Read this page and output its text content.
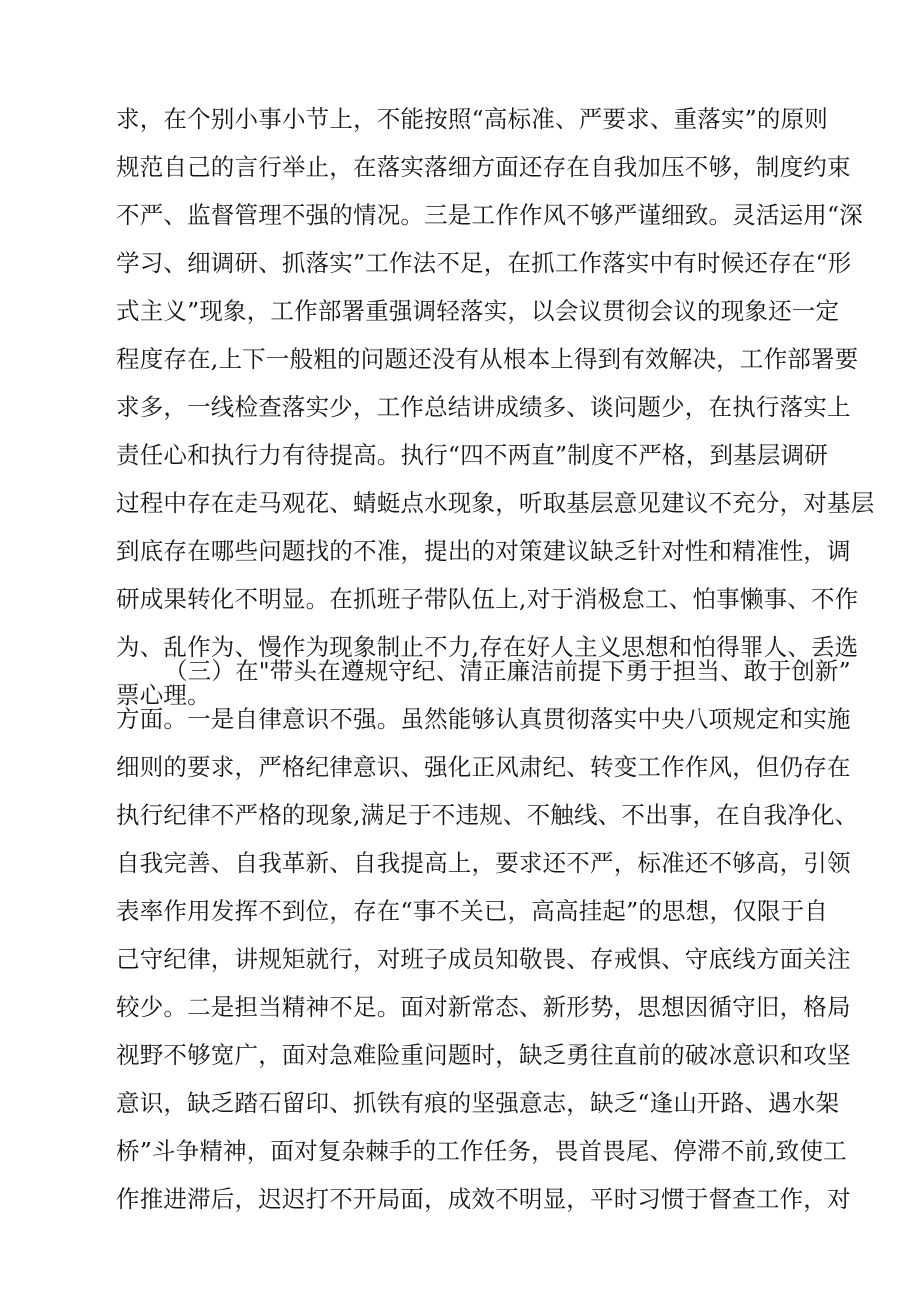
求，在个别小事小节上，不能按照“高标准、严要求、重落实”的原则
规范自己的言行举止，在落实落细方面还存在自我加压不够，制度约束
不严、监督管理不强的情况。三是工作作风不够严谨细致。灵活运用“深
学习、细调研、抓落实”工作法不足，在抓工作落实中有时候还存在“形
式主义”现象，工作部署重强调轻落实，以会议贯彻会议的现象还一定
程度存在,上下一般粗的问题还没有从根本上得到有效解决，工作部署要
求多，一线检查落实少，工作总结讲成绩多、谈问题少，在执行落实上
责任心和执行力有待提高。执行“四不两直”制度不严格，到基层调研
过程中存在走马观花、蜻蜓点水现象，听取基层意见建议不充分，对基层
到底存在哪些问题找的不准，提出的对策建议缺乏针对性和精准性，调
研成果转化不明显。在抓班子带队伍上,对于消极怠工、怕事懒事、不作
为、乱作为、慢作为现象制止不力,存在好人主义思想和怕得罪人、丢选
票心理。
（三）在"带头在遵规守纪、清正廉洁前提下勇于担当、敢于创新”
方面。一是自律意识不强。虽然能够认真贯彻落实中央八项规定和实施
细则的要求，严格纪律意识、强化正风肃纪、转变工作作风，但仍存在
执行纪律不严格的现象,满足于不违规、不触线、不出事，在自我净化、
自我完善、自我革新、自我提高上，要求还不严，标准还不够高，引领
表率作用发挥不到位，存在“事不关已，高高挂起”的思想，仅限于自
己守纪律，讲规矩就行，对班子成员知敬畏、存戒惧、守底线方面关注
较少。二是担当精神不足。面对新常态、新形势，思想因循守旧，格局
视野不够宽广，面对急难险重问题时，缺乏勇往直前的破冰意识和攻坚
意识，缺乏踏石留印、抓铁有痕的坚强意志，缺乏“逢山开路、遇水架
桥”斗争精神，面对复杂棘手的工作任务，畏首畏尾、停滞不前,致使工
作推进滞后，迟迟打不开局面，成效不明显，平时习惯于督查工作，对
